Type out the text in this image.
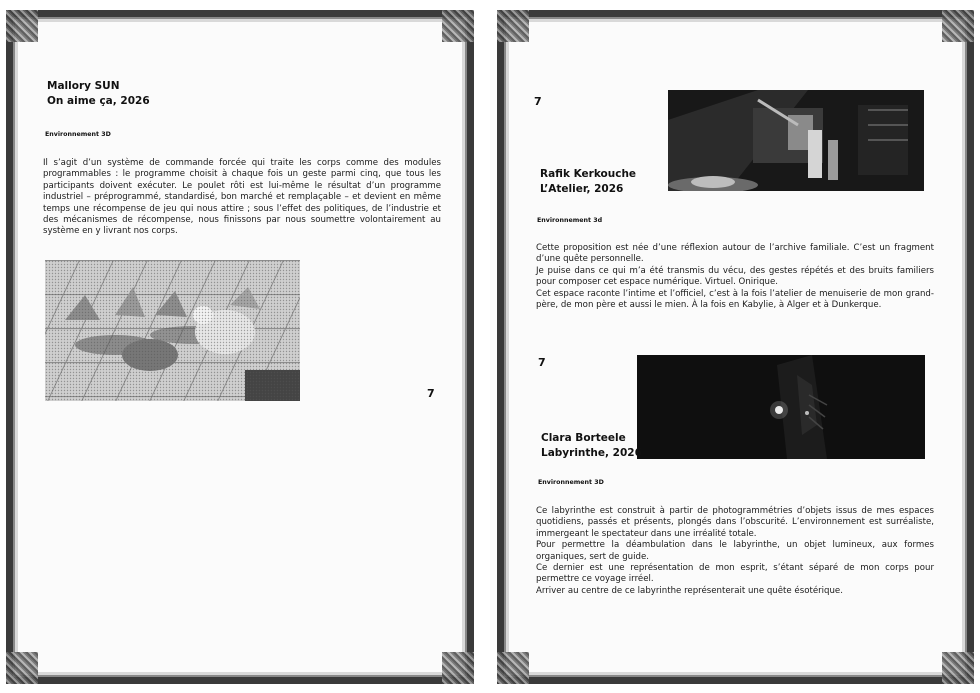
Mallory SUN
On aime ça, 2026
Environnement 3D

Il s’agit d’un système de commande forcée qui traite les corps comme des modules programmables : le programme choisit à chaque fois un geste parmi cinq, que tous les participants doivent exécuter. Le poulet rôti est lui-même le résultat d’un programme industriel – préprogrammé, standardisé, bon marché et remplaçable – et devient en même temps une récompense de jeu qui nous attire ; sous l’effet des politiques, de l’industrie et des mécanismes de récompense, nous finissons par nous soumettre volontairement au système en y livrant nos corps.

7
7
Rafik Kerkouche
L’Atelier, 2026
Environnement 3d

Cette proposition est née d’une réflexion autour de l’archive familiale. C’est un fragment d’une quête personnelle.

Je puise dans ce qui m’a été transmis du vécu, des gestes répétés et des bruits familiers pour composer cet espace numérique. Virtuel. Onirique.

Cet espace raconte l’intime et l’officiel, c’est à la fois l’atelier de menuiserie de mon grand-père, de mon père et aussi le mien. À la fois en Kabylie, à Alger et à Dunkerque.

7
Clara Borteele
Labyrinthe, 2026
Environnement 3D

Ce labyrinthe est construit à partir de photogrammétries d’objets issus de mes espaces quotidiens, passés et présents, plongés dans l’obscurité. L’environnement est surréaliste, immergeant le spectateur dans une irréalité totale.

Pour permettre la déambulation dans le labyrinthe, un objet lumineux, aux formes organiques, sert de guide.

Ce dernier est une représentation de mon esprit, s’étant séparé de mon corps pour permettre ce voyage irréel.

Arriver au centre de ce labyrinthe représenterait une quête ésotérique.
